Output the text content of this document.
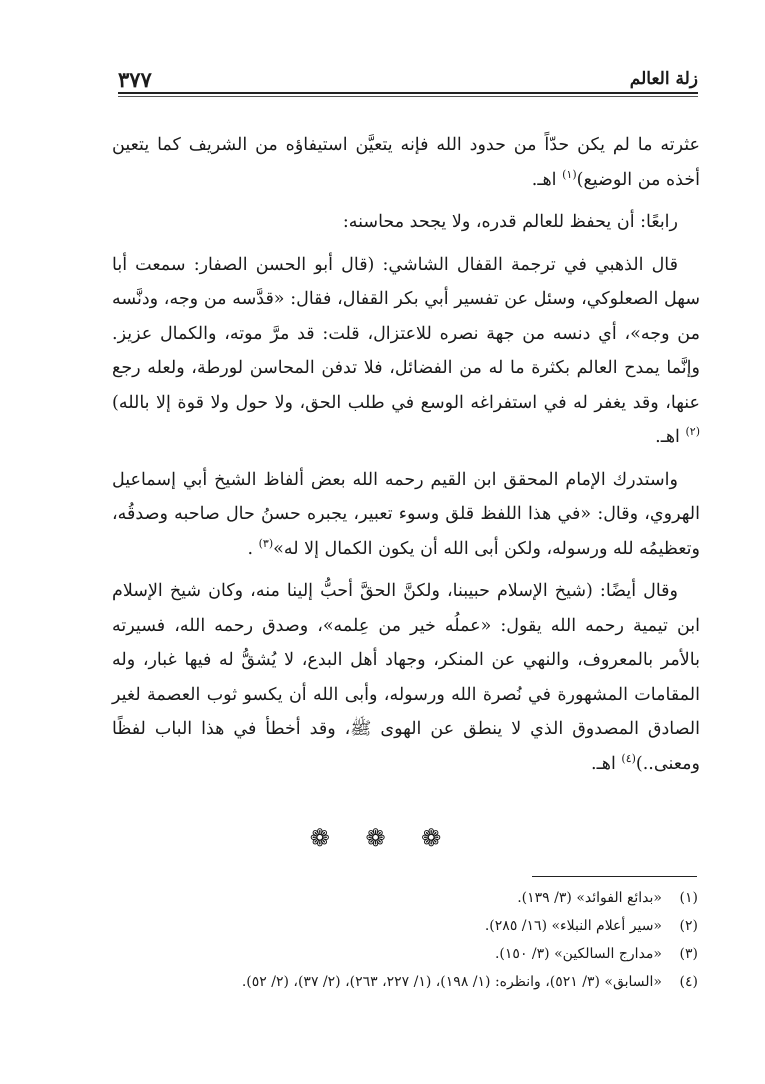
زلة العالم
٣٧٧

عثرته ما لم يكن حدّاً من حدود الله فإنه يتعيَّن استيفاؤه من الشريف كما يتعين أخذه من الوضيع)$^{(١)}$ اهـ.

رابعًا: أن يحفظ للعالم قدره، ولا يجحد محاسنه:

قال الذهبي في ترجمة القفال الشاشي: (قال أبو الحسن الصفار: سمعت أبا سهل الصعلوكي، وسئل عن تفسير أبي بكر القفال، فقال: «قدَّسه من وجه، ودنَّسه من وجه»، أي دنسه من جهة نصره للاعتزال، قلت: قد مرَّ موته، والكمال عزيز. وإنَّما يمدح العالم بكثرة ما له من الفضائل، فلا تدفن المحاسن لورطة، ولعله رجع عنها، وقد يغفر له في استفراغه الوسع في طلب الحق، ولا حول ولا قوة إلا بالله)$^{(٢)}$ اهـ.

واستدرك الإمام المحقق ابن القيم رحمه الله بعض ألفاظ الشيخ أبي إسماعيل الهروي، وقال: «في هذا اللفظ قلق وسوء تعبير، يجبره حسنُ حال صاحبه وصدقُه، وتعظيمُه لله ورسوله، ولكن أبى الله أن يكون الكمال إلا له»$^{(٣)}$ .

وقال أيضًا: (شيخ الإسلام حبيبنا، ولكنَّ الحقَّ أحبُّ إلينا منه، وكان شيخ الإسلام ابن تيمية رحمه الله يقول: «عملُه خير من عِلمه»، وصدق رحمه الله، فسيرته بالأمر بالمعروف، والنهي عن المنكر، وجهاد أهل البدع، لا يُشقُّ له فيها غبار، وله المقامات المشهورة في نُصرة الله ورسوله، وأبى الله أن يكسو ثوب العصمة لغير الصادق المصدوق الذي لا ينطق عن الهوى ﷺ، وقد أخطأ في هذا الباب لفظًا ومعنى..)$^{(٤)}$ اهـ.

❁ ❁ ❁
(١)
«بدائع الفوائد» (٣/ ١٣٩).
(٢)
«سير أعلام النبلاء» (١٦/ ٢٨٥).
(٣)
«مدارج السالكين» (٣/ ١٥٠).
(٤)
«السابق» (٣/ ٥٢١)، وانظره: (١/ ١٩٨)، (١/ ٢٢٧، ٢٦٣)، (٢/ ٣٧)، (٢/ ٥٢).
